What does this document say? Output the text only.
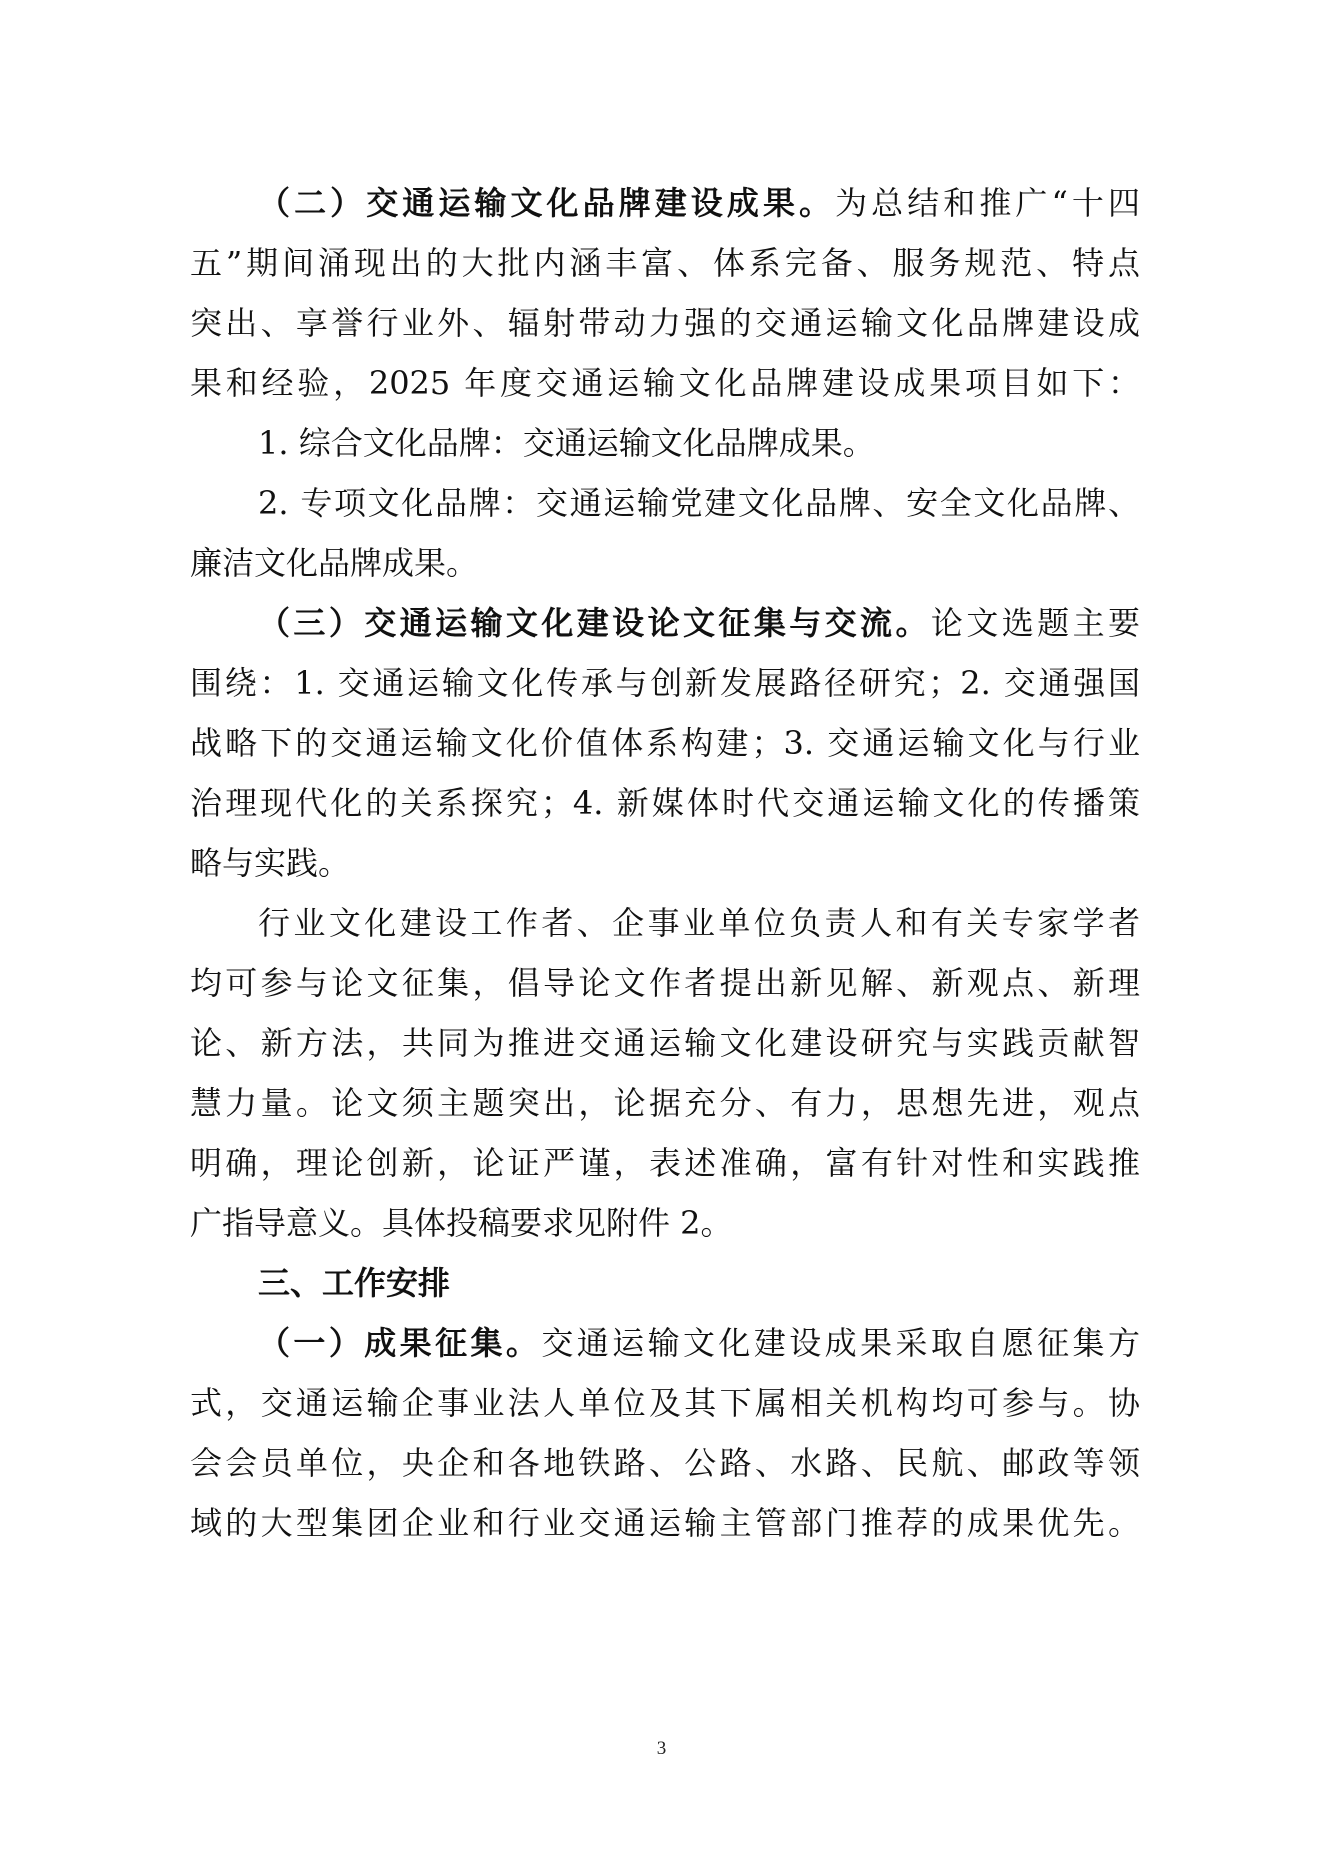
（二）交通运输文化品牌建设成果。为总结和推广“十四
五”期间涌现出的大批内涵丰富、体系完备、服务规范、特点
突出、享誉行业外、辐射带动力强的交通运输文化品牌建设成
果和经验，2025 年度交通运输文化品牌建设成果项目如下：
1. 综合文化品牌：交通运输文化品牌成果。
2. 专项文化品牌：交通运输党建文化品牌、安全文化品牌、
廉洁文化品牌成果。
（三）交通运输文化建设论文征集与交流。论文选题主要
围绕：1. 交通运输文化传承与创新发展路径研究；2. 交通强国
战略下的交通运输文化价值体系构建；3. 交通运输文化与行业
治理现代化的关系探究；4. 新媒体时代交通运输文化的传播策
略与实践。
行业文化建设工作者、企事业单位负责人和有关专家学者
均可参与论文征集，倡导论文作者提出新见解、新观点、新理
论、新方法，共同为推进交通运输文化建设研究与实践贡献智
慧力量。论文须主题突出，论据充分、有力，思想先进，观点
明确，理论创新，论证严谨，表述准确，富有针对性和实践推
广指导意义。具体投稿要求见附件 2。
三、工作安排
（一）成果征集。交通运输文化建设成果采取自愿征集方
式，交通运输企事业法人单位及其下属相关机构均可参与。协
会会员单位，央企和各地铁路、公路、水路、民航、邮政等领
域的大型集团企业和行业交通运输主管部门推荐的成果优先。
3
